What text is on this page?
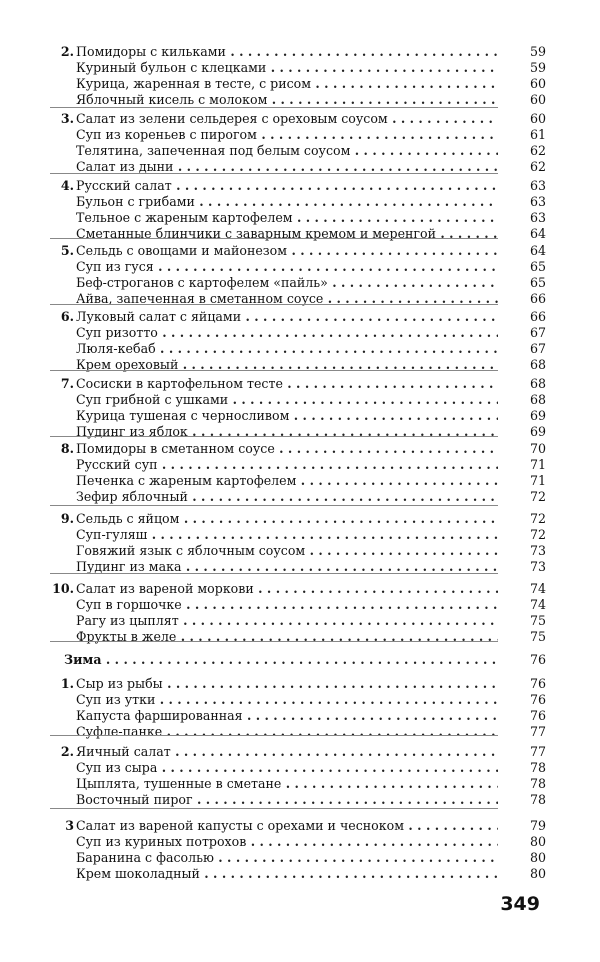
2. Помидоры с кильками . . .	59
Куриный бульон с клецками . . .	59
Курица, жаренная в тесте, с рисом . . .	60
Яблочный кисель с молоком . . .	60
3. Салат из зелени сельдерея с ореховым соусом . . .	60
Суп из кореньев с пирогом . . .	61
Телятина, запеченная под белым соусом . . .	62
Салат из дыни . . .	62
4. Русский салат . . .	63
Бульон с грибами . . .	63
Тельное с жареным картофелем . . .	63
Сметанные блинчики с заварным кремом и меренгой . . .	64
5. Сельдь с овощами и майонезом . . .	64
Суп из гуся . . .	65
Беф-строганов с картофелем «пайль» . . .	65
Айва, запеченная в сметанном соусе . . .	66
6. Луковый салат с яйцами . . .	66
Суп ризотто . . .	67
Люля-кебаб . . .	67
Крем ореховый . . .	68
7. Сосиски в картофельном тесте . . .	68
Суп грибной с ушками . . .	68
Курица тушеная с черносливом . . .	69
Пудинг из яблок . . .	69
8. Помидоры в сметанном соусе . . .	70
Русский суп . . .	71
Печенка с жареным картофелем . . .	71
Зефир яблочный . . .	72
9. Сельдь с яйцом . . .	72
Суп-гуляш . . .	72
Говяжий язык с яблочным соусом . . .	73
Пудинг из мака . . .	73
10. Салат из вареной моркови . . .	74
Суп в горшочке . . .	74
Рагу из цыплят . . .	75
Фрукты в желе . . .	75
Зима . . .	76
1. Сыр из рыбы . . .	76
Суп из утки . . .	76
Капуста фаршированная . . .	76
Суфле-панке . . .	77
2. Яичный салат . . .	77
Суп из сыра . . .	78
Цыплята, тушенные в сметане . . .	78
Восточный пирог . . .	78
3 Салат из вареной капусты с орехами и чесноком . . .	79
Суп из куриных потрохов . . .	80
Баранина с фасолью . . .	80
Крем шоколадный . . .	80
349
